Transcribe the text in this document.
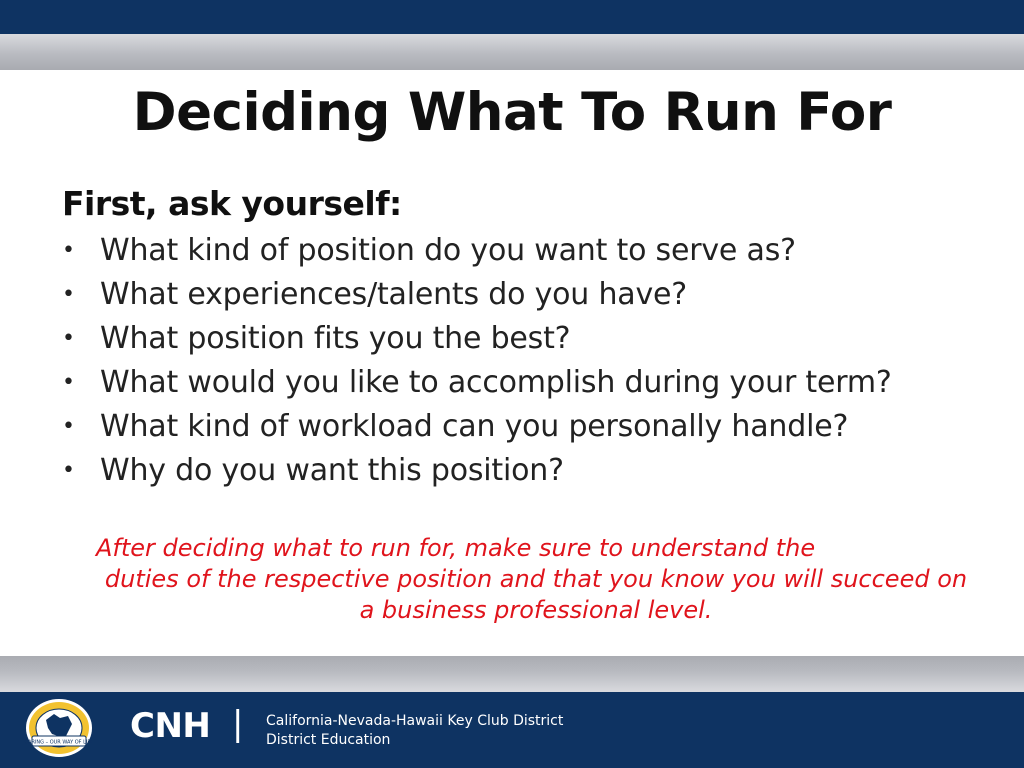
Deciding What To Run For

First, ask yourself:

• What kind of position do you want to serve as?
• What experiences/talents do you have?
• What position fits you the best?
• What would you like to accomplish during your term?
• What kind of workload can you personally handle?
• Why do you want this position?

After deciding what to run for, make sure to understand the
duties of the respective position and that you know you will succeed on a business professional level.

CARING – OUR WAY OF LIFE CNH | California-Nevada-Hawaii Key Club District
District Education
